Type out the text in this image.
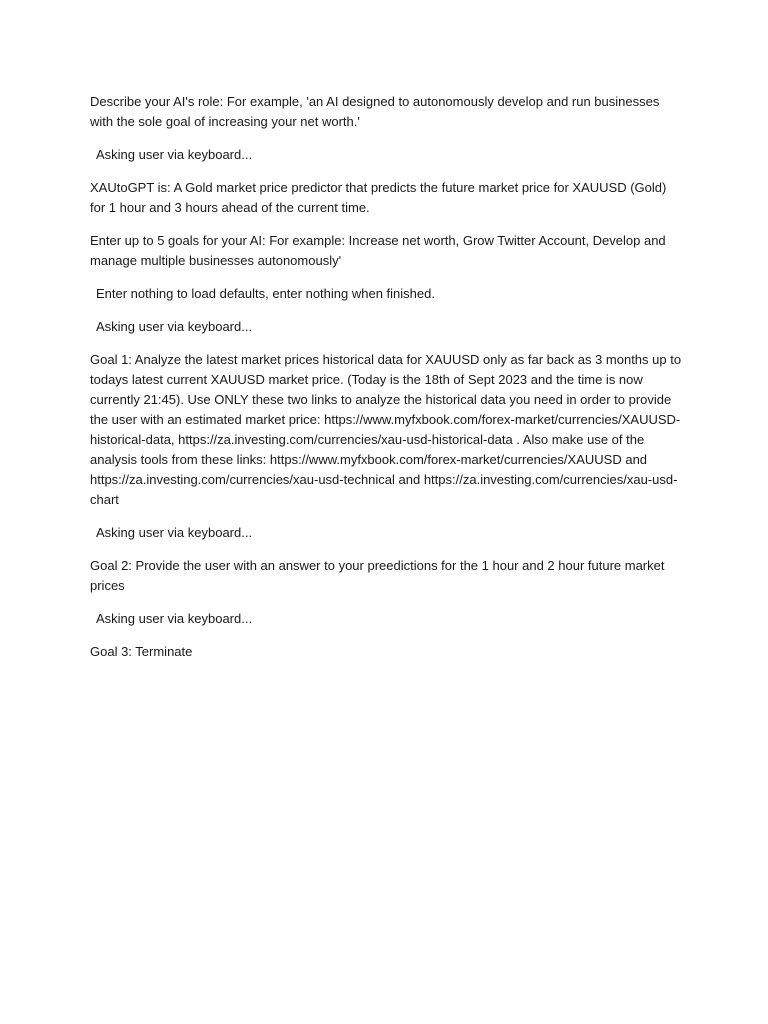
Describe your AI's role: For example, 'an AI designed to autonomously develop and run businesses with the sole goal of increasing your net worth.'

Asking user via keyboard...

XAUtoGPT is: A Gold market price predictor that predicts the future market price for XAUUSD (Gold) for 1 hour and 3 hours ahead of the current time.

Enter up to 5 goals for your AI: For example: Increase net worth, Grow Twitter Account, Develop and manage multiple businesses autonomously'

Enter nothing to load defaults, enter nothing when finished.

Asking user via keyboard...

Goal 1: Analyze the latest market prices historical data for XAUUSD only as far back as 3 months up to todays latest current XAUUSD market price. (Today is the 18th of Sept 2023 and the time is now currently 21:45). Use ONLY these two links to analyze the historical data you need in order to provide the user with an estimated market price: https://www.myfxbook.com/forex-market/currencies/XAUUSD-historical-data, https://za.investing.com/currencies/xau-usd-historical-data . Also make use of the analysis tools from these links: https://www.myfxbook.com/forex-market/currencies/XAUUSD and https://za.investing.com/currencies/xau-usd-technical and https://za.investing.com/currencies/xau-usd-chart

Asking user via keyboard...

Goal 2: Provide the user with an answer to your preedictions for the 1 hour and 2 hour future market prices

Asking user via keyboard...

Goal 3: Terminate
